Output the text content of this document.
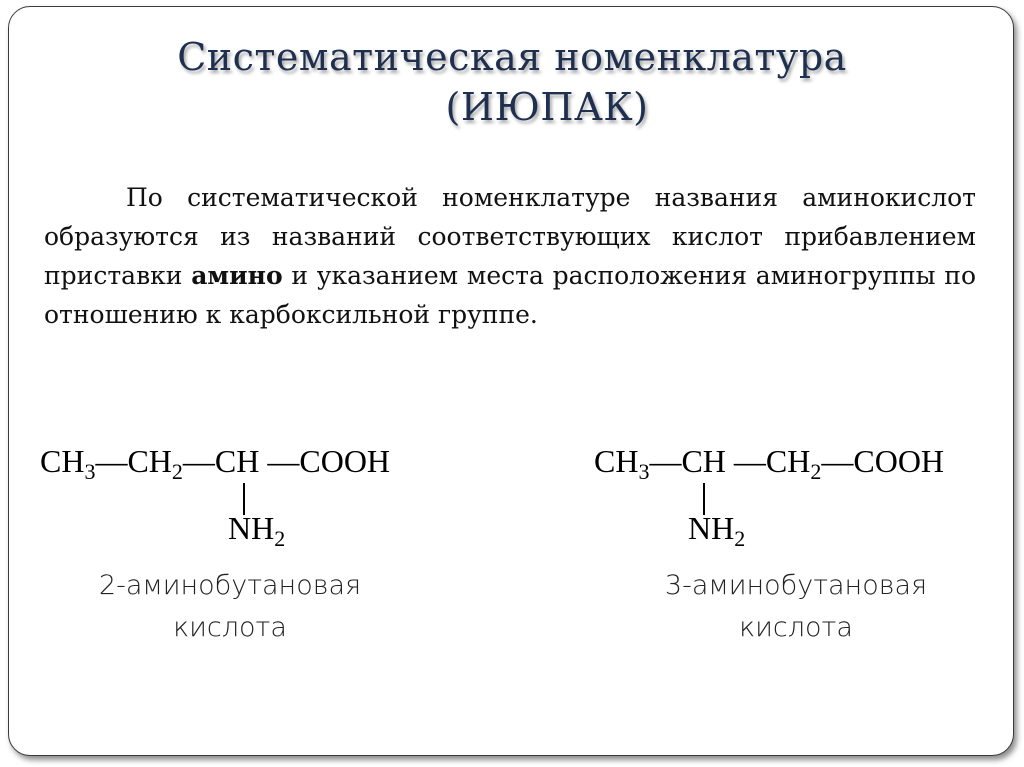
Систематическая номенклатура
(ИЮПАК)
По систематической номенклатуре названия аминокислот образуются из названий соответствующих кислот прибавлением приставки амино и указанием места расположения аминогруппы по отношению к карбоксильной группе.
$CH_3—CH_2—CH$ —COOH
$NH_2$
2-аминобутановая
кислота
$CH_3—CH$ $—CH_2—COOH$
$NH_2$
3-аминобутановая
кислота
